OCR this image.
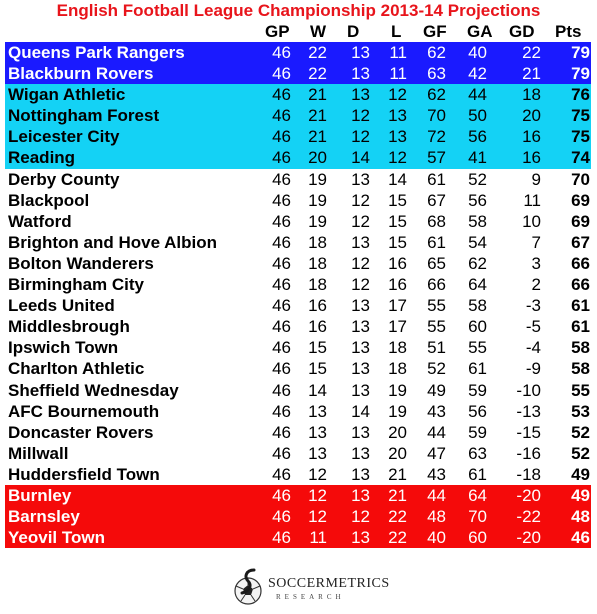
English Football League Championship 2013-14 Projections
GP W D L GF GA GD Pts
Queens Park Rangers	46 22 13 11 62 40 22 79
Blackburn Rovers	46 22 13 11 63 42 21 79
Wigan Athletic	46 21 13 12 62 44 18 76
Nottingham Forest	46 21 12 13 70 50 20 75
Leicester City	46 21 12 13 72 56 16 75
Reading	46 20 14 12 57 41 16 74
Derby County	46 19 13 14 61 52	9 70
Blackpool	46 19 12 15 67 56 11 69
Watford	46 19 12 15 68 58 10 69
Brighton and Hove Albion	46 18 13 15 61 54	7 67
Bolton Wanderers	46 18 12 16 65 62	3 66
Birmingham City	46 18 12 16 66 64	2 66
Leeds United	46 16 13 17 55 58 -3 61
Middlesbrough	46 16 13 17 55 60 -5 61
Ipswich Town	46 15 13 18 51 55 -4 58
Charlton Athletic	46 15 13 18 52 61 -9 58
Sheffield Wednesday	46 14 13 19 49 59 -10 55
AFC Bournemouth	46 13 14 19 43 56 -13 53
Doncaster Rovers	46 13 13 20 44 59 -15 52
Millwall	46 13 13 20 47 63 -16 52
Huddersfield Town	46 12 13 21 43 61 -18 49
Burnley	46 12 13 21 44 64 -20 49
Barnsley	46 12 12 22 48 70 -22 48
Yeovil Town	46 11 13 22 40 60 -20 46
SOCCERMETRICS
RESEARCH
